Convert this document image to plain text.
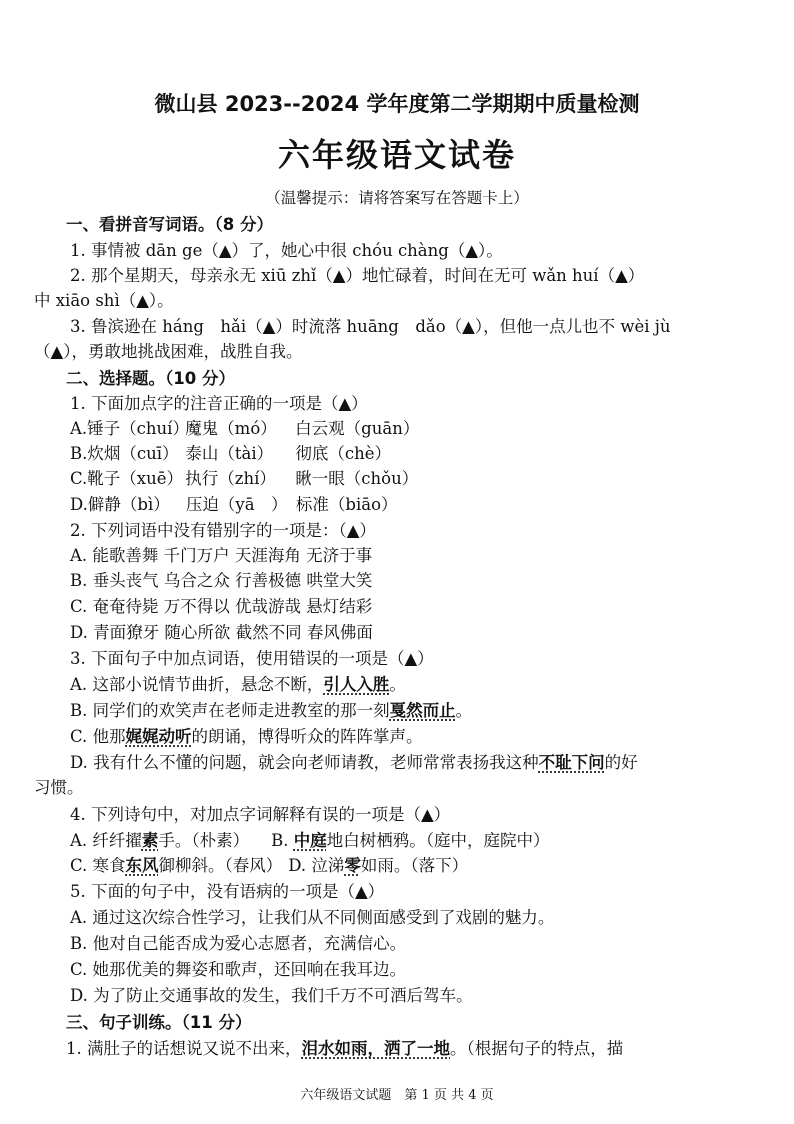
微山县 2023--2024 学年度第二学期期中质量检测
六年级语文试卷
（温馨提示：请将答案写在答题卡上）
一、看拼音写词语。（8 分）
1. 事情被 dān ge（▲）了，她心中很 chóu chàng（▲）。
2. 那个星期天，母亲永无 xiū zhǐ（▲）地忙碌着，时间在无可 wǎn huí（▲）
中 xiāo shì（▲）。
3. 鲁滨逊在 háng　hǎi（▲）时流落 huāng　dǎo（▲），但他一点儿也不 wèi jù
（▲），勇敢地挑战困难，战胜自我。
二、选择题。（10 分）
1. 下面加点字的注音正确的一项是（▲）
A.锤子（chuí）魔鬼（mó） 白云观（guān）
B.炊烟（cuī） 泰山（tài） 彻底（chè）
C.靴子（xuē） 执行（zhí） 瞅一眼（chǒu）
D.僻静（bì） 压迫（yā　） 标准（biāo）
2. 下列词语中没有错别字的一项是：（▲）
A. 能歌善舞 千门万户 天涯海角 无济于事
B. 垂头丧气 乌合之众 行善极德 哄堂大笑
C. 奄奄待毙 万不得以 优哉游哉 悬灯结彩
D. 青面獠牙 随心所欲 截然不同 春风佛面
3. 下面句子中加点词语，使用错误的一项是（▲）
A. 这部小说情节曲折，悬念不断，引人入胜。
B. 同学们的欢笑声在老师走进教室的那一刻戛然而止。
C. 他那娓娓动听的朗诵，博得听众的阵阵掌声。
D. 我有什么不懂的问题，就会向老师请教，老师常常表扬我这种不耻下问的好
习惯。
4. 下列诗句中，对加点字词解释有误的一项是（▲）
A. 纤纤擢素手。（朴素） B. 中庭地白树栖鸦。（庭中，庭院中）
C. 寒食东风御柳斜。（春风） D. 泣涕零如雨。（落下）
5. 下面的句子中，没有语病的一项是（▲）
A. 通过这次综合性学习，让我们从不同侧面感受到了戏剧的魅力。
B. 他对自己能否成为爱心志愿者，充满信心。
C. 她那优美的舞姿和歌声，还回响在我耳边。
D. 为了防止交通事故的发生，我们千万不可酒后驾车。
三、句子训练。（11 分）
1. 满肚子的话想说又说不出来，泪水如雨，洒了一地。（根据句子的特点，描
六年级语文试题　第 1 页 共 4 页
